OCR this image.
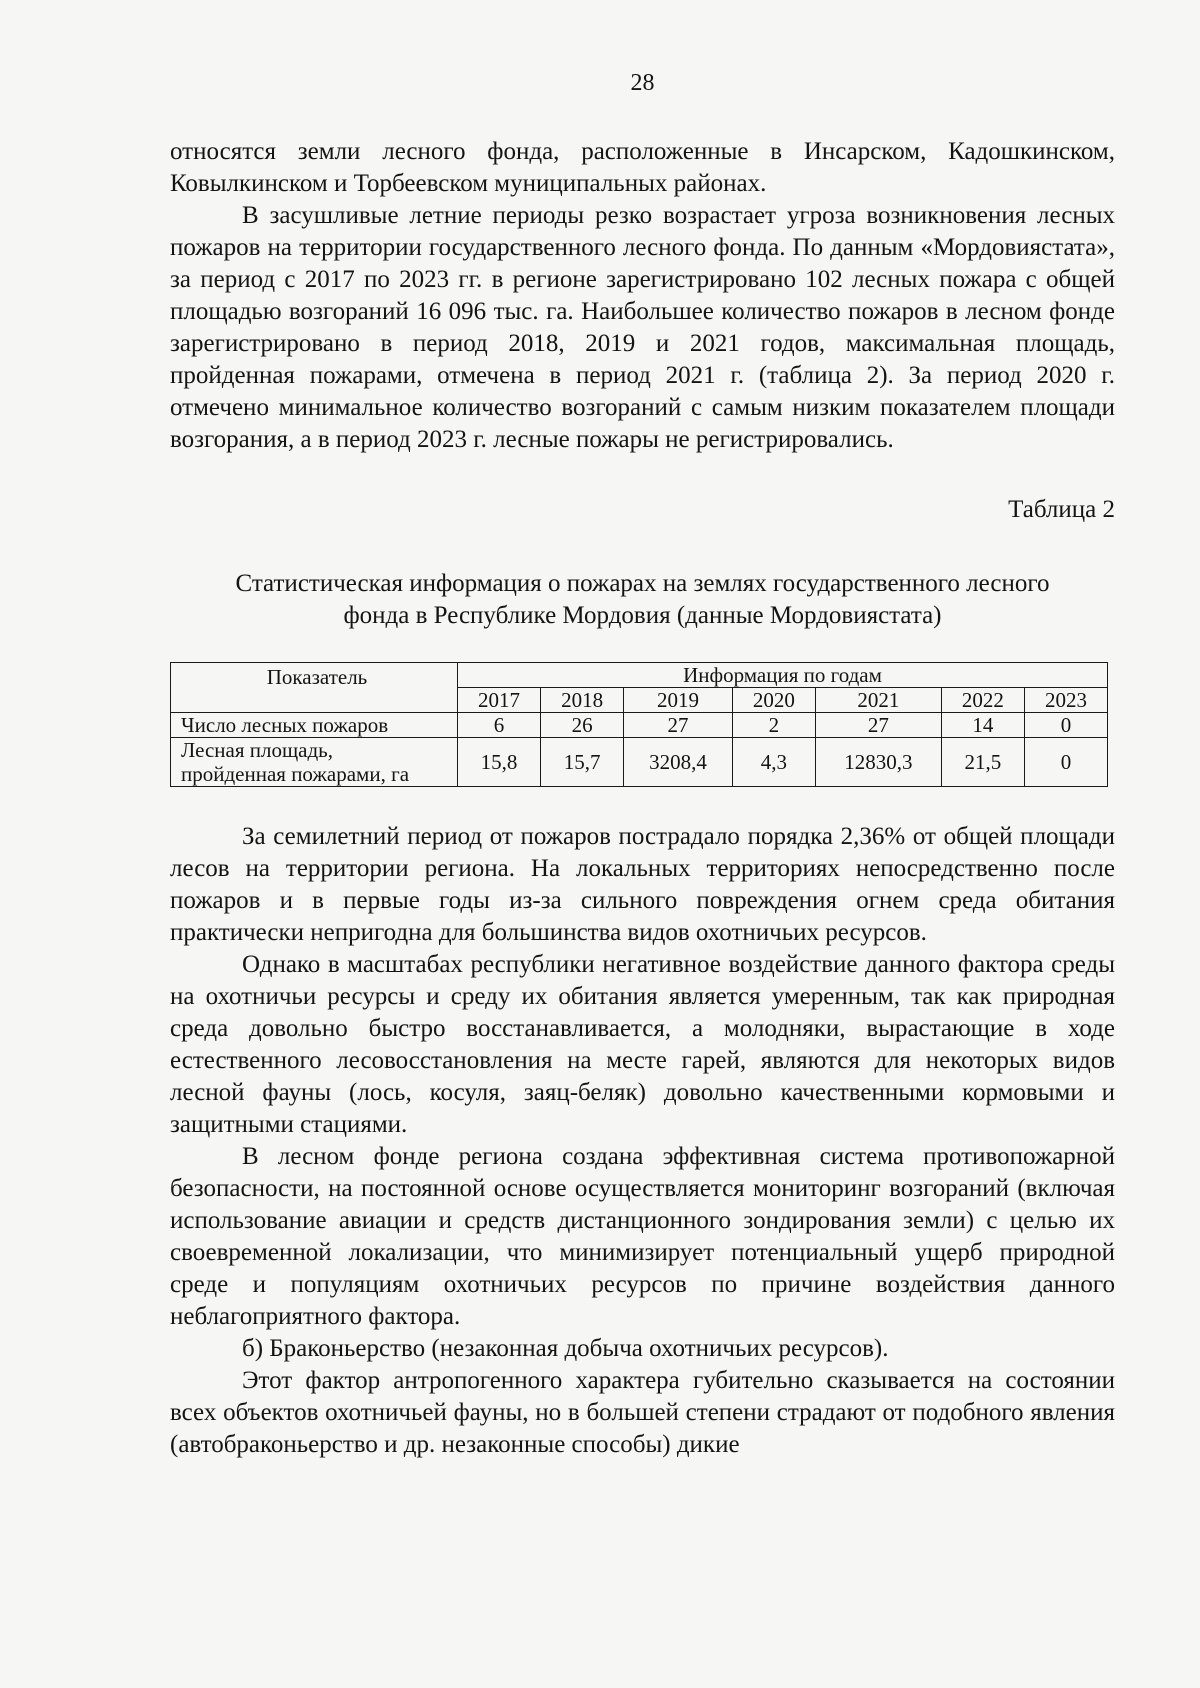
28

относятся земли лесного фонда, расположенные в Инсарском, Кадошкинском, Ковылкинском и Торбеевском муниципальных районах.

В засушливые летние периоды резко возрастает угроза возникновения лесных пожаров на территории государственного лесного фонда. По данным «Мордовиястата», за период с 2017 по 2023 гг. в регионе зарегистрировано 102 лесных пожара с общей площадью возгораний 16 096 тыс. га. Наибольшее количество пожаров в лесном фонде зарегистрировано в период 2018, 2019 и 2021 годов, максимальная площадь, пройденная пожарами, отмечена в период 2021 г. (таблица 2). За период 2020 г. отмечено минимальное количество возгораний с самым низким показателем площади возгорания, а в период 2023 г. лесные пожары не регистрировались.

Таблица 2

Статистическая информация о пожарах на землях государственного лесного
фонда в Республике Мордовия (данные Мордовиястата)

Показатель	Информация по годам						
	2017	2018	2019	2020	2021	2022	2023
Число лесных пожаров	6	26	27	2	27	14	0
Лесная площадь,
пройденная пожарами, га	15,8	15,7	3208,4	4,3	12830,3	21,5	0

За семилетний период от пожаров пострадало порядка 2,36% от общей площади лесов на территории региона. На локальных территориях непосредственно после пожаров и в первые годы из-за сильного повреждения огнем среда обитания практически непригодна для большинства видов охотничьих ресурсов.

Однако в масштабах республики негативное воздействие данного фактора среды на охотничьи ресурсы и среду их обитания является умеренным, так как природная среда довольно быстро восстанавливается, а молодняки, вырастающие в ходе естественного лесовосстановления на месте гарей, являются для некоторых видов лесной фауны (лось, косуля, заяц-беляк) довольно качественными кормовыми и защитными стациями.

В лесном фонде региона создана эффективная система противопожарной безопасности, на постоянной основе осуществляется мониторинг возгораний (включая использование авиации и средств дистанционного зондирования земли) с целью их своевременной локализации, что минимизирует потенциальный ущерб природной среде и популяциям охотничьих ресурсов по причине воздействия данного неблагоприятного фактора.

б) Браконьерство (незаконная добыча охотничьих ресурсов).

Этот фактор антропогенного характера губительно сказывается на состоянии всех объектов охотничьей фауны, но в большей степени страдают от подобного явления (автобраконьерство и др. незаконные способы) дикие
